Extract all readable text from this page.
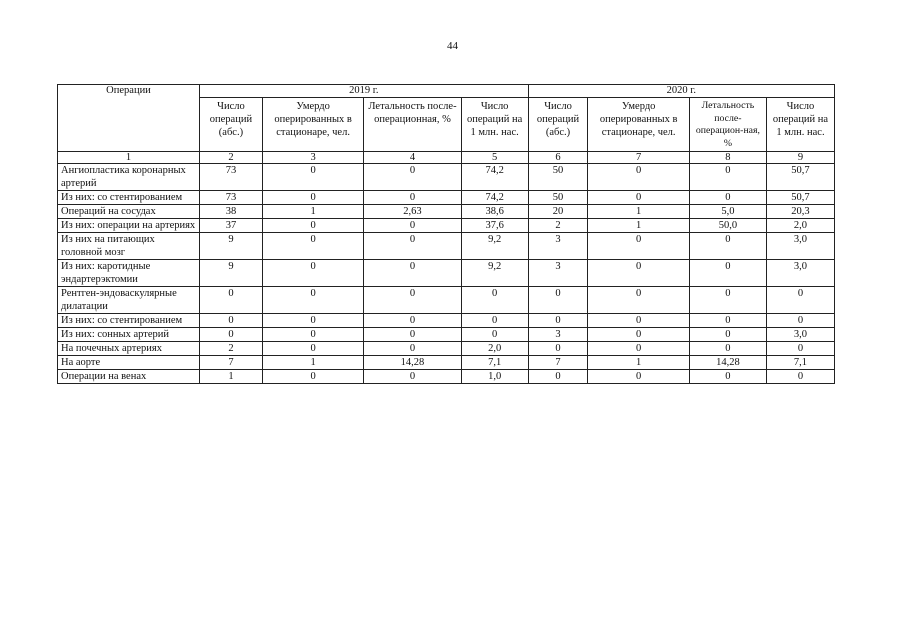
44
Операции	2019 г.				2020 г.			
	Число операций (абс.)	Умердо оперированных в стационаре, чел.	Летальность после-операционная, %	Число операций на 1 млн. нас.	Число операций (абс.)	Умердо оперированных в стационаре, чел.	Летальность после-операцион-ная, %	Число операций на 1 млн. нас.
1	2	3	4	5	6	7	8	9
Ангиопластика коронарных артерий	73	0	0	74,2	50	0	0	50,7
Из них: со стентированием	73	0	0	74,2	50	0	0	50,7
Операций на сосудах	38	1	2,63	38,6	20	1	5,0	20,3
Из них: операции на артериях	37	0	0	37,6	2	1	50,0	2,0
Из них на питающих головной мозг	9	0	0	9,2	3	0	0	3,0
Из них: каротидные эндартерэктомии	9	0	0	9,2	3	0	0	3,0
Рентген-эндоваскулярные дилатации	0	0	0	0	0	0	0	0
Из них: со стентированием	0	0	0	0	0	0	0	0
Из них: сонных артерий	0	0	0	0	3	0	0	3,0
На почечных артериях	2	0	0	2,0	0	0	0	0
На аорте	7	1	14,28	7,1	7	1	14,28	7,1
Операции на венах	1	0	0	1,0	0	0	0	0
